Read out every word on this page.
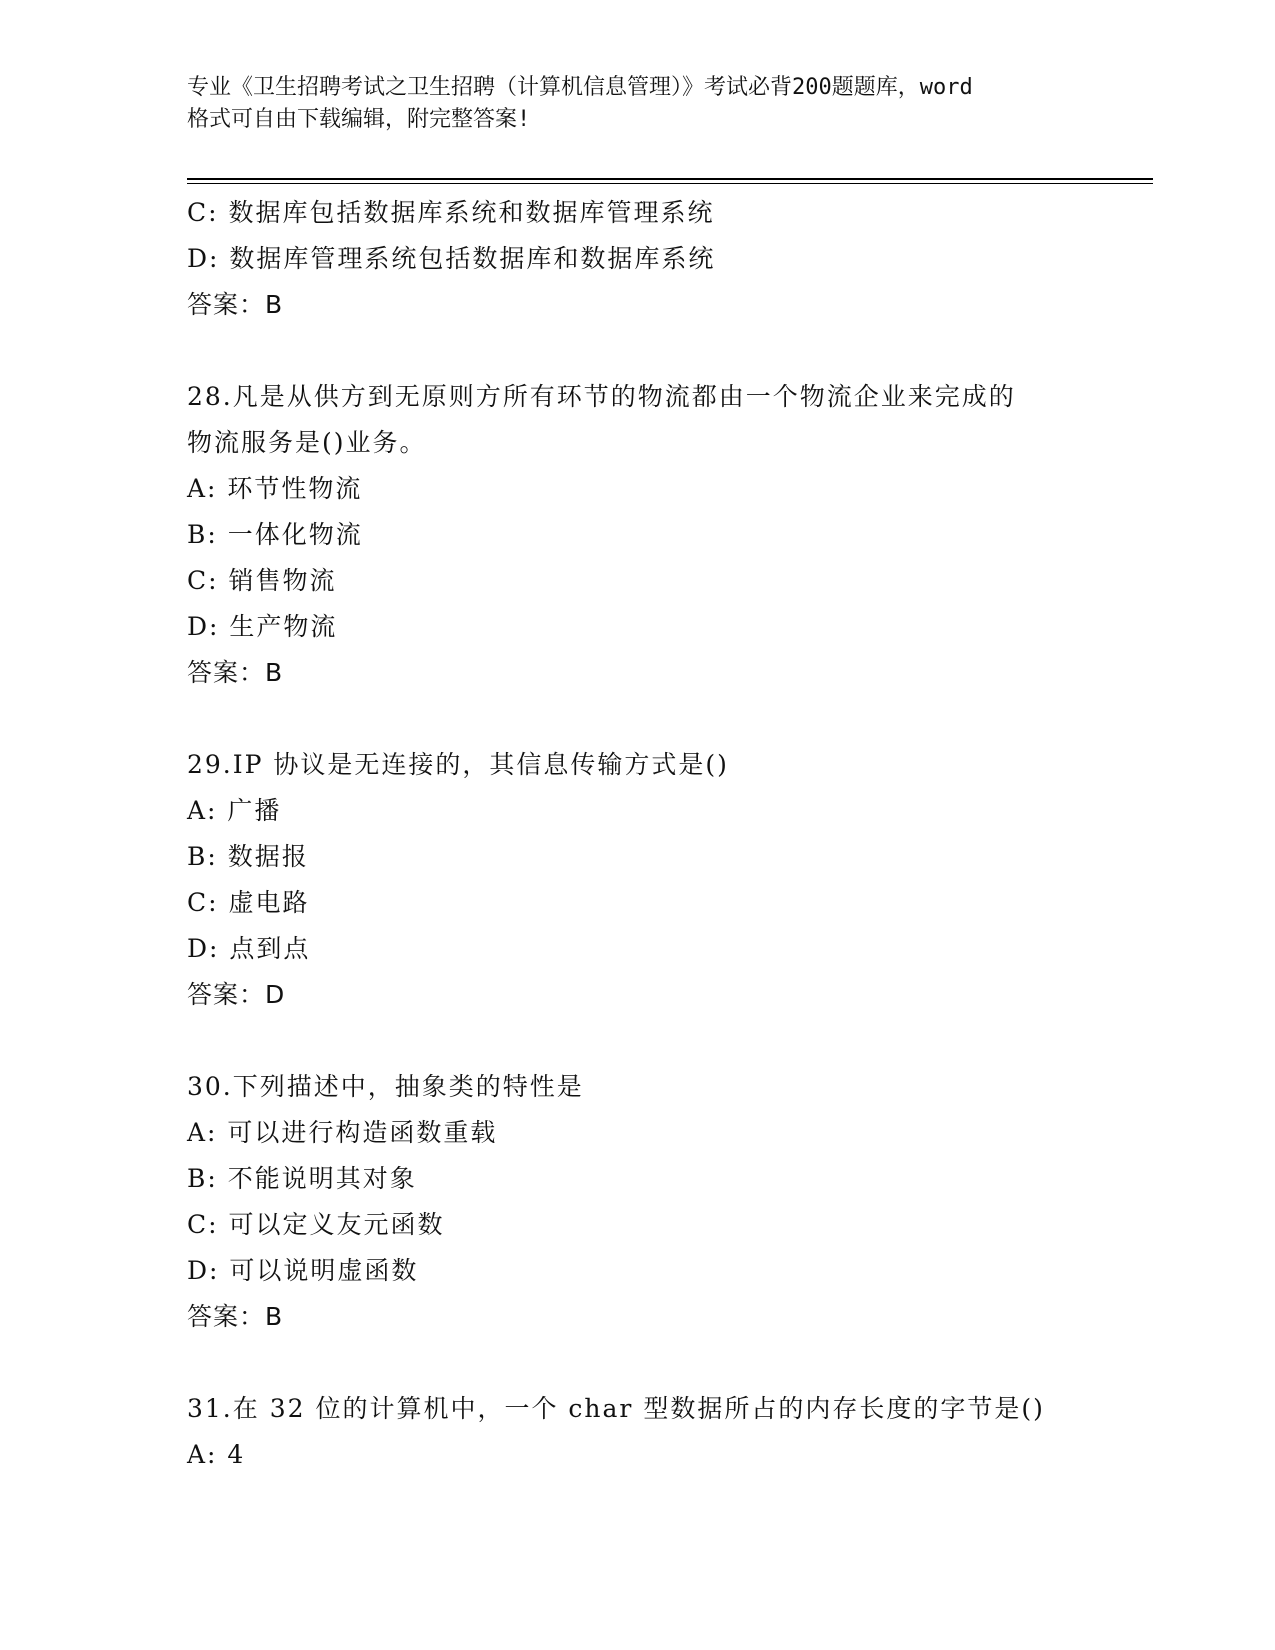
专业《卫生招聘考试之卫生招聘（计算机信息管理）》考试必背200题题库，word
格式可自由下载编辑，附完整答案!
C: 数据库包括数据库系统和数据库管理系统
D: 数据库管理系统包括数据库和数据库系统
答案：B
28.凡是从供方到无原则方所有环节的物流都由一个物流企业来完成的
物流服务是()业务。
A: 环节性物流
B: 一体化物流
C: 销售物流
D: 生产物流
答案：B
29.IP 协议是无连接的，其信息传输方式是()
A: 广播
B: 数据报
C: 虚电路
D: 点到点
答案：D
30.下列描述中，抽象类的特性是
A: 可以进行构造函数重载
B: 不能说明其对象
C: 可以定义友元函数
D: 可以说明虚函数
答案：B
31.在 32 位的计算机中，一个 char 型数据所占的内存长度的字节是()
A: 4
